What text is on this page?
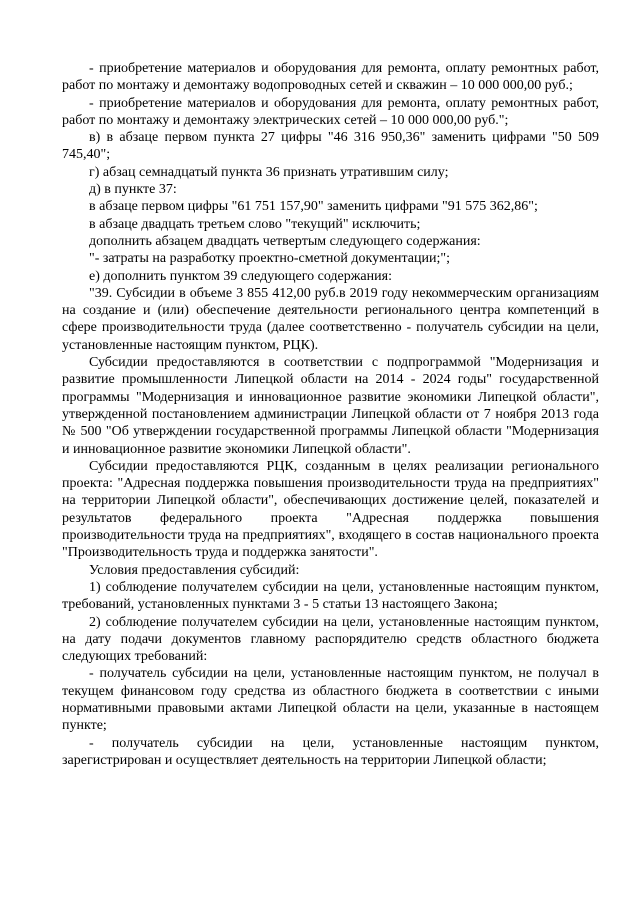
- приобретение материалов и оборудования для ремонта, оплату ремонтных работ, работ по монтажу и демонтажу водопроводных сетей и скважин – 10 000 000,00 руб.;

- приобретение материалов и оборудования для ремонта, оплату ремонтных работ, работ по монтажу и демонтажу электрических сетей – 10 000 000,00 руб.";

в) в абзаце первом пункта 27 цифры "46 316 950,36" заменить цифрами "50 509 745,40";

г) абзац семнадцатый пункта 36 признать утратившим силу;

д) в пункте 37:

в абзаце первом цифры "61 751 157,90" заменить цифрами "91 575 362,86";

в абзаце двадцать третьем слово "текущий" исключить;

дополнить абзацем двадцать четвертым следующего содержания:

"- затраты на разработку проектно-сметной документации;";

е) дополнить пунктом 39 следующего содержания:

"39. Субсидии в объеме 3 855 412,00 руб.в 2019 году некоммерческим организациям на создание и (или) обеспечение деятельности регионального центра компетенций в сфере производительности труда (далее соответственно - получатель субсидии на цели, установленные настоящим пунктом, РЦК).

Субсидии предоставляются в соответствии с подпрограммой "Модернизация и развитие промышленности Липецкой области на 2014 - 2024 годы" государственной программы "Модернизация и инновационное развитие экономики Липецкой области", утвержденной постановлением администрации Липецкой области от 7 ноября 2013 года № 500 "Об утверждении государственной программы Липецкой области "Модернизация и инновационное развитие экономики Липецкой области".

Субсидии предоставляются РЦК, созданным в целях реализации регионального проекта: "Адресная поддержка повышения производительности труда на предприятиях" на территории Липецкой области", обеспечивающих достижение целей, показателей и результатов федерального проекта "Адресная поддержка повышения производительности труда на предприятиях", входящего в состав национального проекта "Производительность труда и поддержка занятости".

Условия предоставления субсидий:

1) соблюдение получателем субсидии на цели, установленные настоящим пунктом, требований, установленных пунктами 3 - 5 статьи 13 настоящего Закона;

2) соблюдение получателем субсидии на цели, установленные настоящим пунктом, на дату подачи документов главному распорядителю средств областного бюджета следующих требований:

- получатель субсидии на цели, установленные настоящим пунктом, не получал в текущем финансовом году средства из областного бюджета в соответствии с иными нормативными правовыми актами Липецкой области на цели, указанные в настоящем пункте;

- получатель субсидии на цели, установленные настоящим пунктом, зарегистрирован и осуществляет деятельность на территории Липецкой области;
